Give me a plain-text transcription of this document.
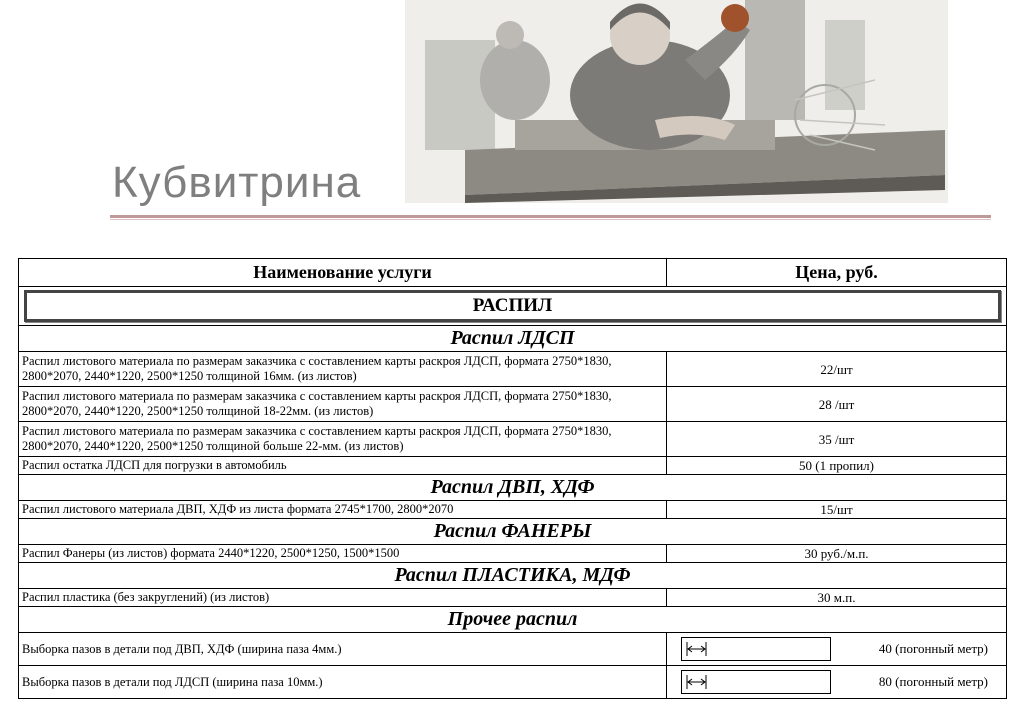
Кубвитрина
Наименование услуги	Цена, руб.

РАСПИЛ	

Распил ЛДСП	
Распил листового материала по размерам заказчика с составлением карты раскроя ЛДСП, формата 2750*1830, 2800*2070, 2440*1220, 2500*1250 толщиной 16мм. (из листов)	22/шт
Распил листового материала по размерам заказчика с составлением карты раскроя ЛДСП, формата 2750*1830, 2800*2070, 2440*1220, 2500*1250 толщиной 18-22мм. (из листов)	28 /шт
Распил листового материала по размерам заказчика с составлением карты раскроя ЛДСП, формата 2750*1830, 2800*2070, 2440*1220, 2500*1250 толщиной больше 22-мм. (из листов)	35 /шт
Распил остатка ЛДСП для погрузки в автомобиль	50 (1 пропил)
Распил ДВП, ХДФ	
Распил листового материала ДВП, ХДФ из листа формата 2745*1700, 2800*2070	15/шт
Распил ФАНЕРЫ	
Распил Фанеры (из листов) формата 2440*1220, 2500*1250, 1500*1500	30 руб./м.п.
Распил ПЛАСТИКА, МДФ	
Распил пластика (без закруглений) (из листов)	30 м.п.
Прочее распил	
Выборка пазов в детали под ДВП, ХДФ (ширина паза 4мм.)	40 (погонный метр)

Выборка пазов в детали под ЛДСП (ширина паза 10мм.)	80 (погонный метр)
